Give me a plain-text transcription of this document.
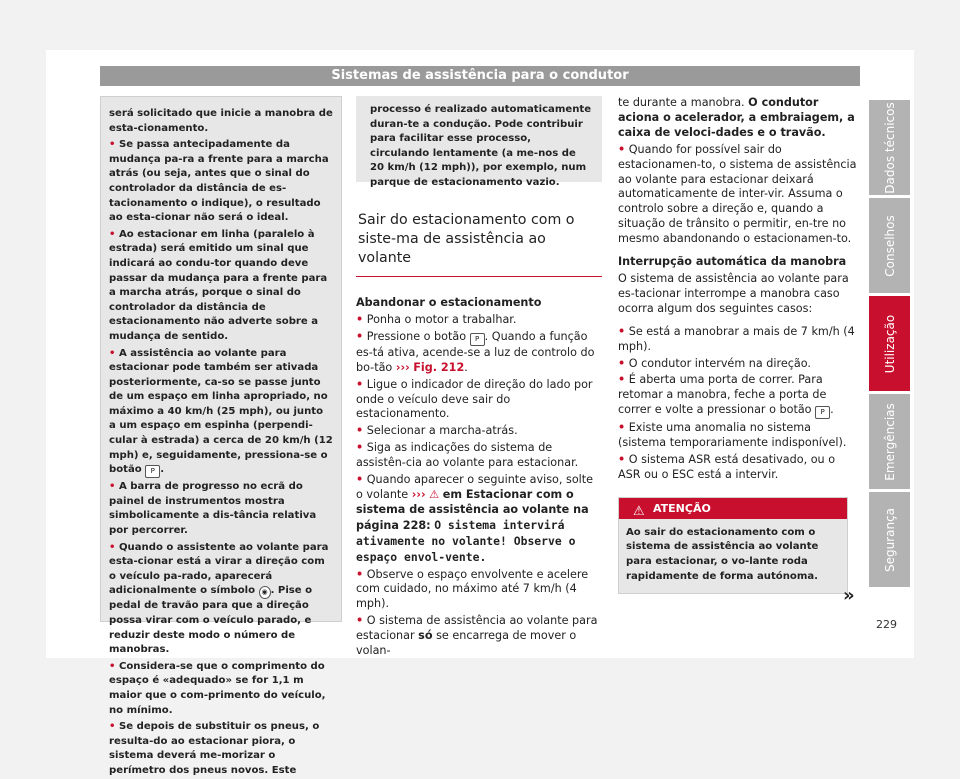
Sistemas de assistência para o condutor

será solicitado que inicie a manobra de esta-cionamento.

• Se passa antecipadamente da mudança pa-ra a frente para a marcha atrás (ou seja, antes que o sinal do controlador da distância de es-tacionamento o indique), o resultado ao esta-cionar não será o ideal.

• Ao estacionar em linha (paralelo à estrada) será emitido um sinal que indicará ao condu-tor quando deve passar da mudança para a frente para a marcha atrás, porque o sinal do controlador da distância de estacionamento não adverte sobre a mudança de sentido.

• A assistência ao volante para estacionar pode também ser ativada posteriormente, ca-so se passe junto de um espaço em linha apropriado, no máximo a 40 km/h (25 mph), ou junto a um espaço em espinha (perpendi-cular à estrada) a cerca de 20 km/h (12 mph) e, seguidamente, pressiona-se o botão P .

• A barra de progresso no ecrã do painel de instrumentos mostra simbolicamente a dis-tância relativa por percorrer.

• Quando o assistente ao volante para esta-cionar está a virar a direção com o veículo pa-rado, aparecerá adicionalmente o símbolo ◉ . Pise o pedal de travão para que a direção possa virar com o veículo parado, e reduzir deste modo o número de manobras.

• Considera-se que o comprimento do espaço é «adequado» se for 1,1 m maior que o com-primento do veículo, no mínimo.

• Se depois de substituir os pneus, o resulta-do ao estacionar piora, o sistema deverá me-morizar o perímetro dos pneus novos. Este

processo é realizado automaticamente duran-te a condução. Pode contribuir para facilitar esse processo, circulando lentamente (a me-nos de 20 km/h (12 mph)), por exemplo, num parque de estacionamento vazio.
Sair do estacionamento com o siste-ma de assistência ao volante
Abandonar o estacionamento

• Ponha o motor a trabalhar.

• Pressione o botão P . Quando a função es-tá ativa, acende-se a luz de controlo do bo-tão ››› Fig. 212.

• Ligue o indicador de direção do lado por onde o veículo deve sair do estacionamento.

• Selecionar a marcha-atrás.

• Siga as indicações do sistema de assistên-cia ao volante para estacionar.

• Quando aparecer o seguinte aviso, solte o volante ››› ⚠ em Estacionar com o sistema de assistência ao volante na página 228: O sistema intervirá ativamente no volante! Observe o espaço envol-vente.

• Observe o espaço envolvente e acelere com cuidado, no máximo até 7 km/h (4 mph).

• O sistema de assistência ao volante para estacionar só se encarrega de mover o volan-

te durante a manobra. O condutor aciona o acelerador, a embraiagem, a caixa de veloci-dades e o travão.

• Quando for possível sair do estacionamen-to, o sistema de assistência ao volante para estacionar deixará automaticamente de inter-vir. Assuma o controlo sobre a direção e, quando a situação de trânsito o permitir, en-tre no mesmo abandonando o estacionamen-to.

Interrupção automática da manobra

O sistema de assistência ao volante para es-tacionar interrompe a manobra caso ocorra algum dos seguintes casos:

• Se está a manobrar a mais de 7 km/h (4 mph).

• O condutor intervém na direção.

• É aberta uma porta de correr. Para retomar a manobra, feche a porta de correr e volte a pressionar o botão P .

• Existe uma anomalia no sistema (sistema temporariamente indisponível).

• O sistema ASR está desativado, ou o ASR ou o ESC está a intervir.

⚠ ATENÇÃO
Ao sair do estacionamento com o sistema de assistência ao volante para estacionar, o vo-lante roda rapidamente de forma autónoma.
»
Dados técnicos
Conselhos
Utilização
Emergências
Segurança
229
